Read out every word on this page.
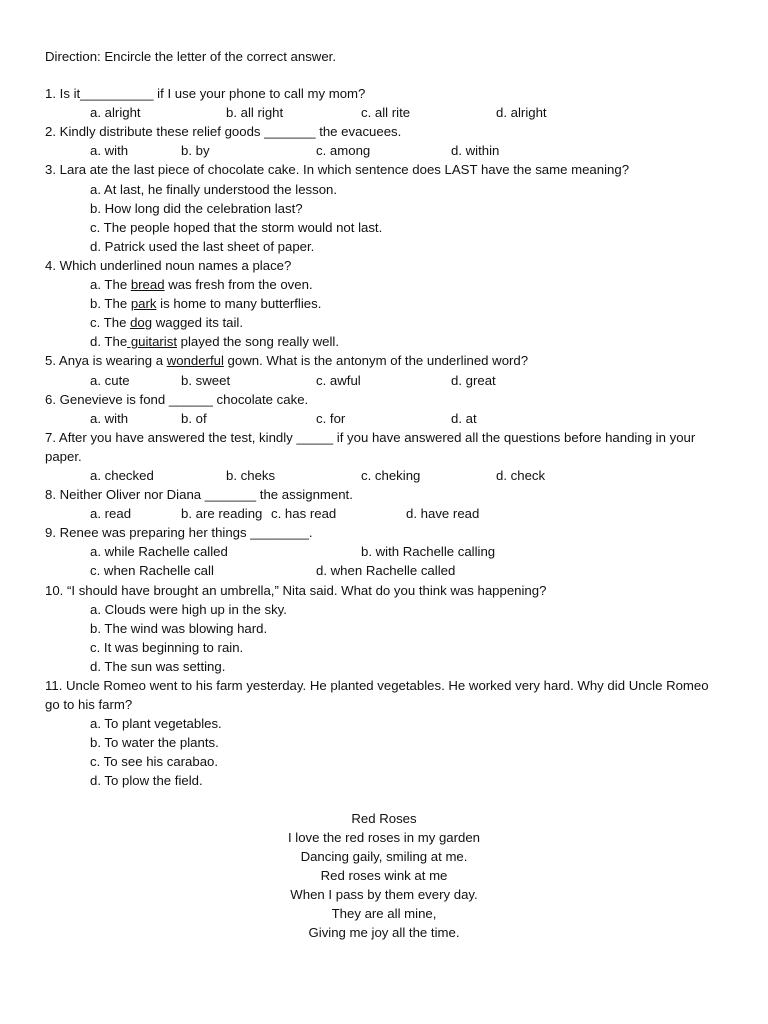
Direction: Encircle the letter of the correct answer.
1. Is it__________ if I use your phone to call my mom?
a. alright	b. all right	c. all rite	d. alright
2. Kindly distribute these relief goods _______ the evacuees.
a. with	b. by	c. among	d. within
3. Lara ate the last piece of chocolate cake. In which sentence does LAST have the same meaning?
a. At last, he finally understood the lesson.
b. How long did the celebration last?
c. The people hoped that the storm would not last.
d. Patrick used the last sheet of paper.
4. Which underlined noun names a place?
a. The bread was fresh from the oven.
b. The park is home to many butterflies.
c. The dog wagged its tail.
d. The guitarist played the song really well.
5. Anya is wearing a wonderful gown. What is the antonym of the underlined word?
a. cute	b. sweet	c. awful	d. great
6. Genevieve is fond ______ chocolate cake.
a. with	b. of	c. for	d. at
7. After you have answered the test, kindly _____ if you have answered all the questions before handing in your paper.
a. checked	b. cheks	c. cheking	d. check
8. Neither Oliver nor Diana _______ the assignment.
a. read	b. are reading c. has read	d. have read
9. Renee was preparing her things ________.
a. while Rachelle called	b. with Rachelle calling
c. when Rachelle call	d. when Rachelle called
10. “I should have brought an umbrella,” Nita said. What do you think was happening?
a. Clouds were high up in the sky.
b. The wind was blowing hard.
c. It was beginning to rain.
d. The sun was setting.
11. Uncle Romeo went to his farm yesterday. He planted vegetables. He worked very hard. Why did Uncle Romeo go to his farm?
a. To plant vegetables.
b. To water the plants.
c. To see his carabao.
d. To plow the field.
Red Roses
I love the red roses in my garden
Dancing gaily, smiling at me.
Red roses wink at me
When I pass by them every day.
They are all mine,
Giving me joy all the time.
